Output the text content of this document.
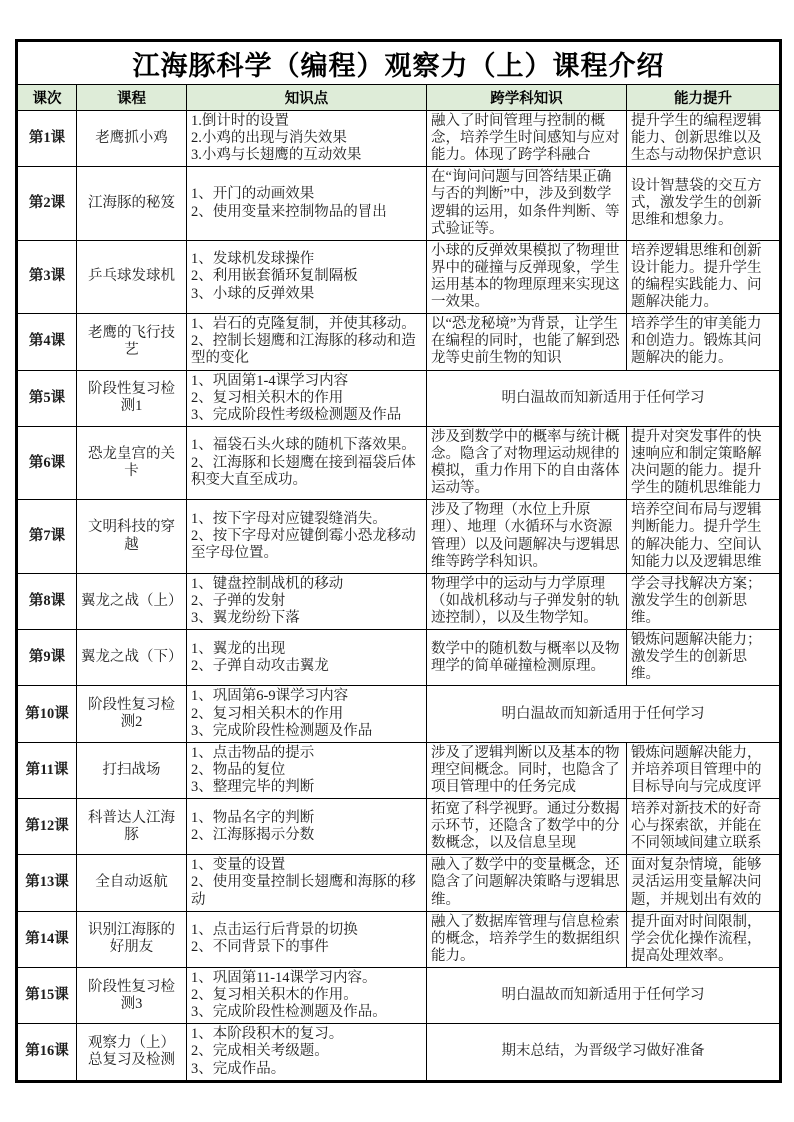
江海豚科学（编程）观察力（上）课程介绍				
课次	课程	知识点	跨学科知识	能力提升
第1课	老鹰抓小鸡	1.倒计时的设置
2.小鸡的出现与消失效果
3.小鸡与长翅鹰的互动效果	融入了时间管理与控制的概念，培养学生时间感知与应对能力。体现了跨学科融合	提升学生的编程逻辑能力、创新思维以及生态与动物保护意识
第2课	江海豚的秘笈	1、开门的动画效果
2、使用变量来控制物品的冒出	在“询问问题与回答结果正确与否的判断”中，涉及到数学逻辑的运用，如条件判断、等式验证等。	设计智慧袋的交互方式，激发学生的创新思维和想象力。
第3课	乒乓球发球机	1、发球机发球操作
2、利用嵌套循环复制隔板
3、小球的反弹效果	小球的反弹效果模拟了物理世界中的碰撞与反弹现象，学生运用基本的物理原理来实现这一效果。	培养逻辑思维和创新设计能力。提升学生的编程实践能力、问题解决能力。
第4课	老鹰的飞行技艺	1、岩石的克隆复制，并使其移动。
2、控制长翅鹰和江海豚的移动和造型的变化	以“恐龙秘境”为背景，让学生在编程的同时，也能了解到恐龙等史前生物的知识	培养学生的审美能力和创造力。锻炼其问题解决的能力。
第5课	阶段性复习检测1	1、巩固第1-4课学习内容
2、复习相关积木的作用
3、完成阶段性考级检测题及作品	明白温故而知新适用于任何学习	
第6课	恐龙皇宫的关卡	1、福袋石头火球的随机下落效果。
2、江海豚和长翅鹰在接到福袋后体积变大直至成功。	涉及到数学中的概率与统计概念。隐含了对物理运动规律的模拟，重力作用下的自由落体运动等。	提升对突发事件的快速响应和制定策略解决问题的能力。提升学生的随机思维能力
第7课	文明科技的穿越	1、按下字母对应键裂缝消失。
2、按下字母对应键倒霉小恐龙移动至字母位置。	涉及了物理（水位上升原理）、地理（水循环与水资源管理）以及问题解决与逻辑思维等跨学科知识。	培养空间布局与逻辑判断能力。提升学生的解决能力、空间认知能力以及逻辑思维
第8课	翼龙之战（上）	1、键盘控制战机的移动
2、子弹的发射
3、翼龙纷纷下落	物理学中的运动与力学原理（如战机移动与子弹发射的轨迹控制），以及生物学知。	学会寻找解决方案；激发学生的创新思维。
第9课	翼龙之战（下）	1、翼龙的出现
2、子弹自动攻击翼龙	数学中的随机数与概率以及物理学的简单碰撞检测原理。	锻炼问题解决能力；激发学生的创新思维。
第10课	阶段性复习检测2	1、巩固第6-9课学习内容
2、复习相关积木的作用
3、完成阶段性检测题及作品	明白温故而知新适用于任何学习	
第11课	打扫战场	1、点击物品的提示
2、物品的复位
3、整理完毕的判断	涉及了逻辑判断以及基本的物理空间概念。同时，也隐含了项目管理中的任务完成	锻炼问题解决能力，并培养项目管理中的目标导向与完成度评
第12课	科普达人江海豚	1、物品名字的判断
2、江海豚揭示分数	拓宽了科学视野。通过分数揭示环节，还隐含了数学中的分数概念，以及信息呈现	培养对新技术的好奇心与探索欲，并能在不同领域间建立联系
第13课	全自动返航	1、变量的设置
2、使用变量控制长翅鹰和海豚的移动	融入了数学中的变量概念，还隐含了问题解决策略与逻辑思维。	面对复杂情境，能够灵活运用变量解决问题，并规划出有效的
第14课	识别江海豚的好朋友	1、点击运行后背景的切换
2、不同背景下的事件	融入了数据库管理与信息检索的概念，培养学生的数据组织能力。	提升面对时间限制，学会优化操作流程，提高处理效率。
第15课	阶段性复习检测3	1、巩固第11-14课学习内容。
2、复习相关积木的作用。
3、完成阶段性检测题及作品。	明白温故而知新适用于任何学习	
第16课	观察力（上）总复习及检测	1、本阶段积木的复习。
2、完成相关考级题。
3、完成作品。	期末总结，为晋级学习做好准备	
